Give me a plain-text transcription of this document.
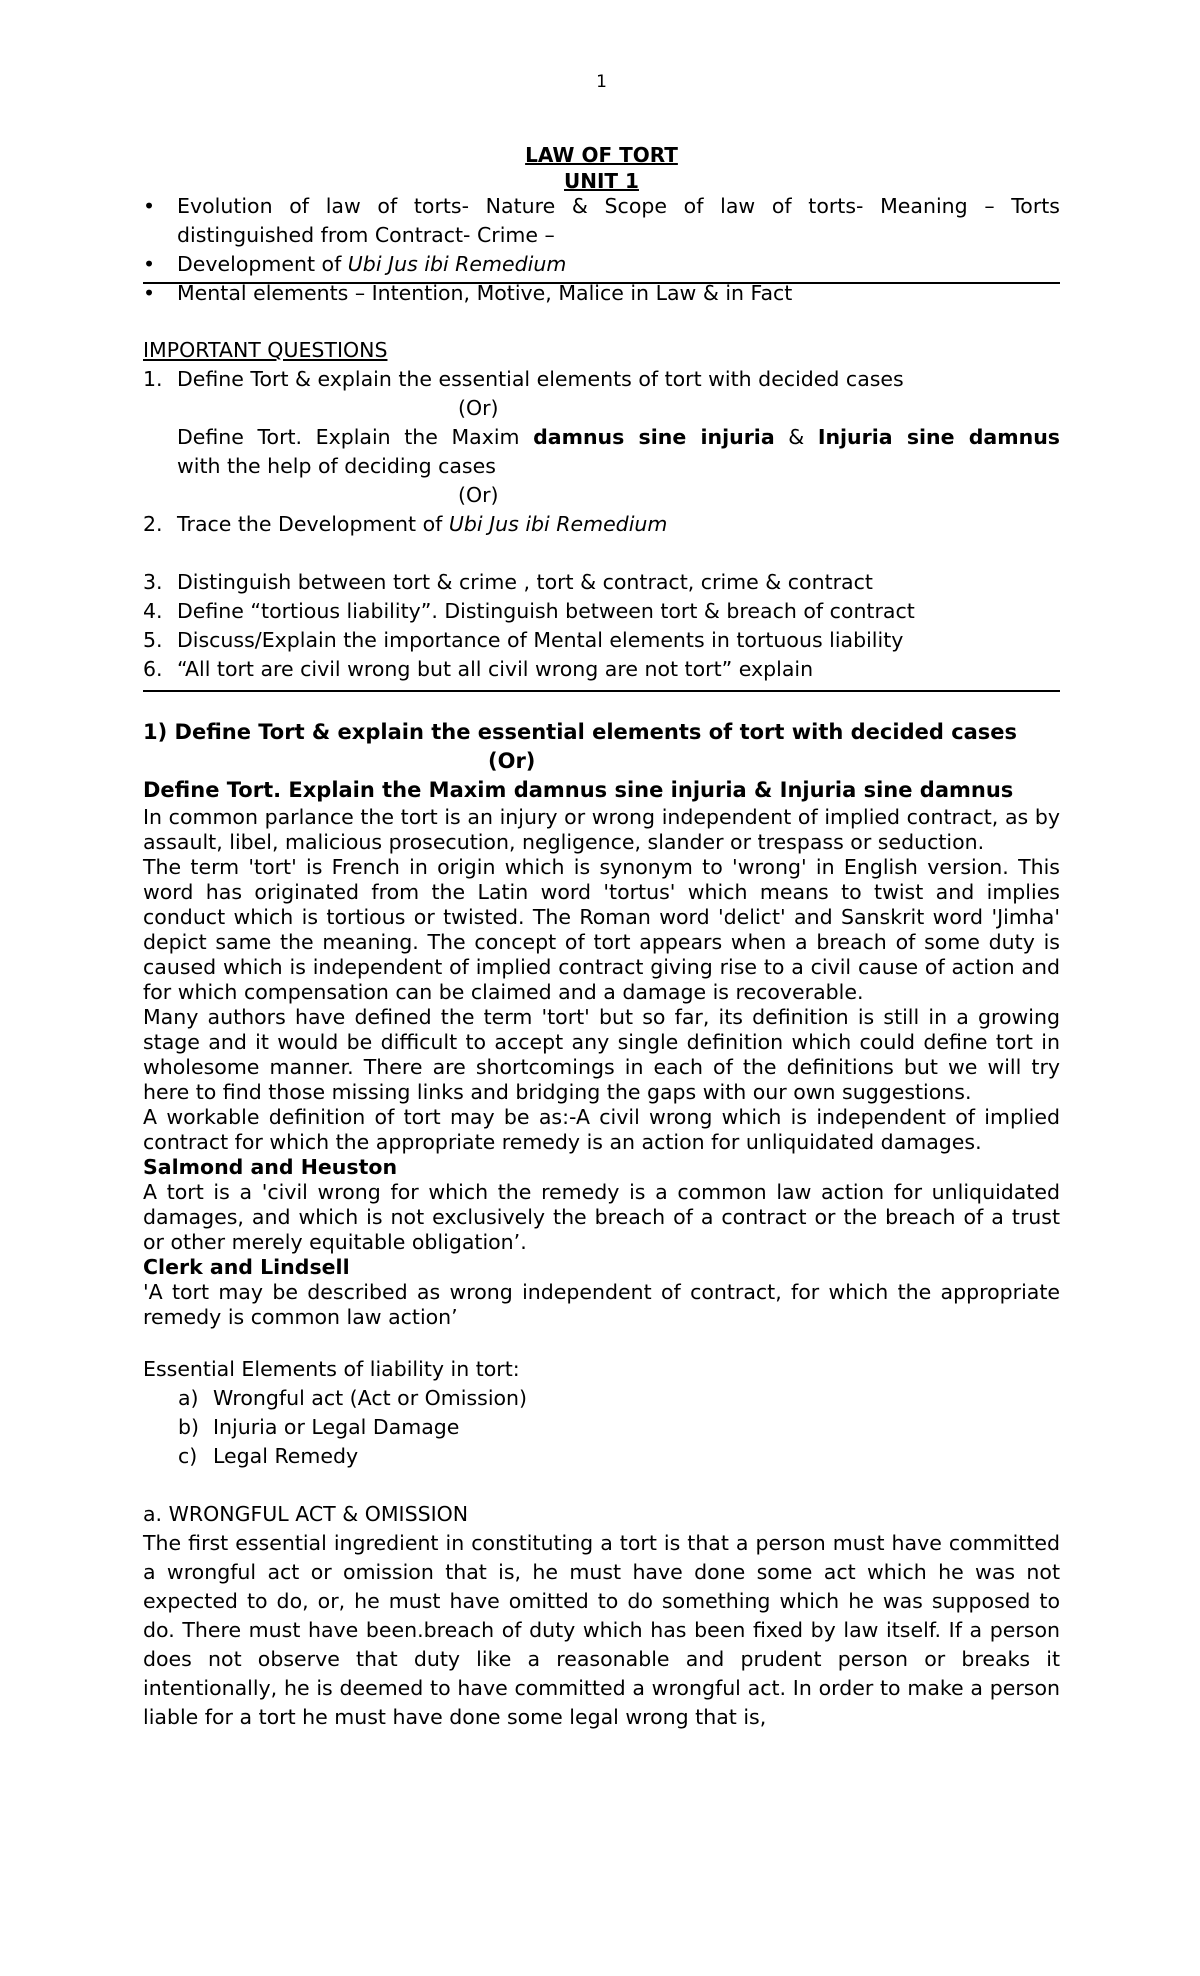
1
LAW OF TORT
UNIT 1
• Evolution of law of torts- Nature & Scope of law of torts- Meaning – Torts
distinguished from Contract- Crime –
• Development of Ubi Jus ibi Remedium
• Mental elements – Intention, Motive, Malice in Law & in Fact
IMPORTANT QUESTIONS
1. Define Tort & explain the essential elements of tort with decided cases
(Or)
Define Tort. Explain the Maxim damnus sine injuria & Injuria sine damnus
with the help of deciding cases
(Or)
2. Trace the Development of Ubi Jus ibi Remedium
3. Distinguish between tort & crime , tort & contract, crime & contract
4. Define “tortious liability”. Distinguish between tort & breach of contract
5. Discuss/Explain the importance of Mental elements in tortuous liability
6. “All tort are civil wrong but all civil wrong are not tort” explain
1) Define Tort & explain the essential elements of tort with decided cases
(Or)
Define Tort. Explain the Maxim damnus sine injuria & Injuria sine damnus

In common parlance the tort is an injury or wrong independent of implied contract, as by assault, libel, malicious prosecution, negligence, slander or trespass or seduction.

The term 'tort' is French in origin which is synonym to 'wrong' in English version. This word has originated from the Latin word 'tortus' which means to twist and implies conduct which is tortious or twisted. The Roman word 'delict' and Sanskrit word 'Jimha' depict same the meaning. The concept of tort appears when a breach of some duty is caused which is independent of implied contract giving rise to a civil cause of action and for which compensation can be claimed and a damage is recoverable.

Many authors have defined the term 'tort' but so far, its definition is still in a growing stage and it would be difficult to accept any single definition which could define tort in wholesome manner. There are shortcomings in each of the definitions but we will try here to find those missing links and bridging the gaps with our own suggestions.

A workable definition of tort may be as:-A civil wrong which is independent of implied contract for which the appropriate remedy is an action for unliquidated damages.

Salmond and Heuston

A tort is a 'civil wrong for which the remedy is a common law action for unliquidated damages, and which is not exclusively the breach of a contract or the breach of a trust or other merely equitable obligation’.

Clerk and Lindsell

'A tort may be described as wrong independent of contract, for which the appropriate remedy is common law action’

Essential Elements of liability in tort:
a) Wrongful act (Act or Omission)
b) Injuria or Legal Damage
c) Legal Remedy
a. WRONGFUL ACT & OMISSION

The first essential ingredient in constituting a tort is that a person must have committed a wrongful act or omission that is, he must have done some act which he was not expected to do, or, he must have omitted to do something which he was supposed to do. There must have been.breach of duty which has been fixed by law itself. If a person does not observe that duty like a reasonable and prudent person or breaks it intentionally, he is deemed to have committed a wrongful act. In order to make a person liable for a tort he must have done some legal wrong that is,
